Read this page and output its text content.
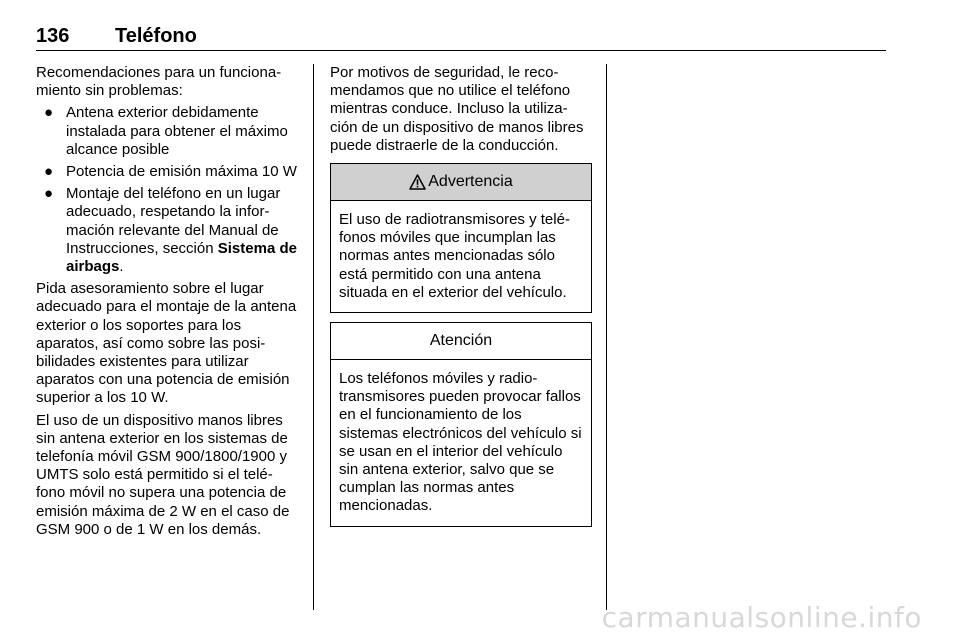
136 Teléfono

Recomendaciones para un funciona-miento sin problemas:

● Antena exterior debidamente instalada para obtener el máximo alcance posible
● Potencia de emisión máxima 10 W
● Montaje del teléfono en un lugar adecuado, respetando la infor-mación relevante del Manual de Instrucciones, sección Sistema de airbags.

Pida asesoramiento sobre el lugar adecuado para el montaje de la antena exterior o los soportes para los aparatos, así como sobre las posi-bilidades existentes para utilizar aparatos con una potencia de emisión superior a los 10 W.

El uso de un dispositivo manos libres sin antena exterior en los sistemas de telefonía móvil GSM 900/1800/1900 y UMTS solo está permitido si el telé-fono móvil no supera una potencia de emisión máxima de 2 W en el caso de GSM 900 o de 1 W en los demás.

Por motivos de seguridad, le reco-mendamos que no utilice el teléfono mientras conduce. Incluso la utiliza-ción de un dispositivo de manos libres puede distraerle de la conducción.

Advertencia
El uso de radiotransmisores y telé-fonos móviles que incumplan las normas antes mencionadas sólo está permitido con una antena situada en el exterior del vehículo.
Atención
Los teléfonos móviles y radio-transmisores pueden provocar fallos en el funcionamiento de los sistemas electrónicos del vehículo si se usan en el interior del vehículo sin antena exterior, salvo que se cumplan las normas antes mencionadas.
carmanualsonline.info
